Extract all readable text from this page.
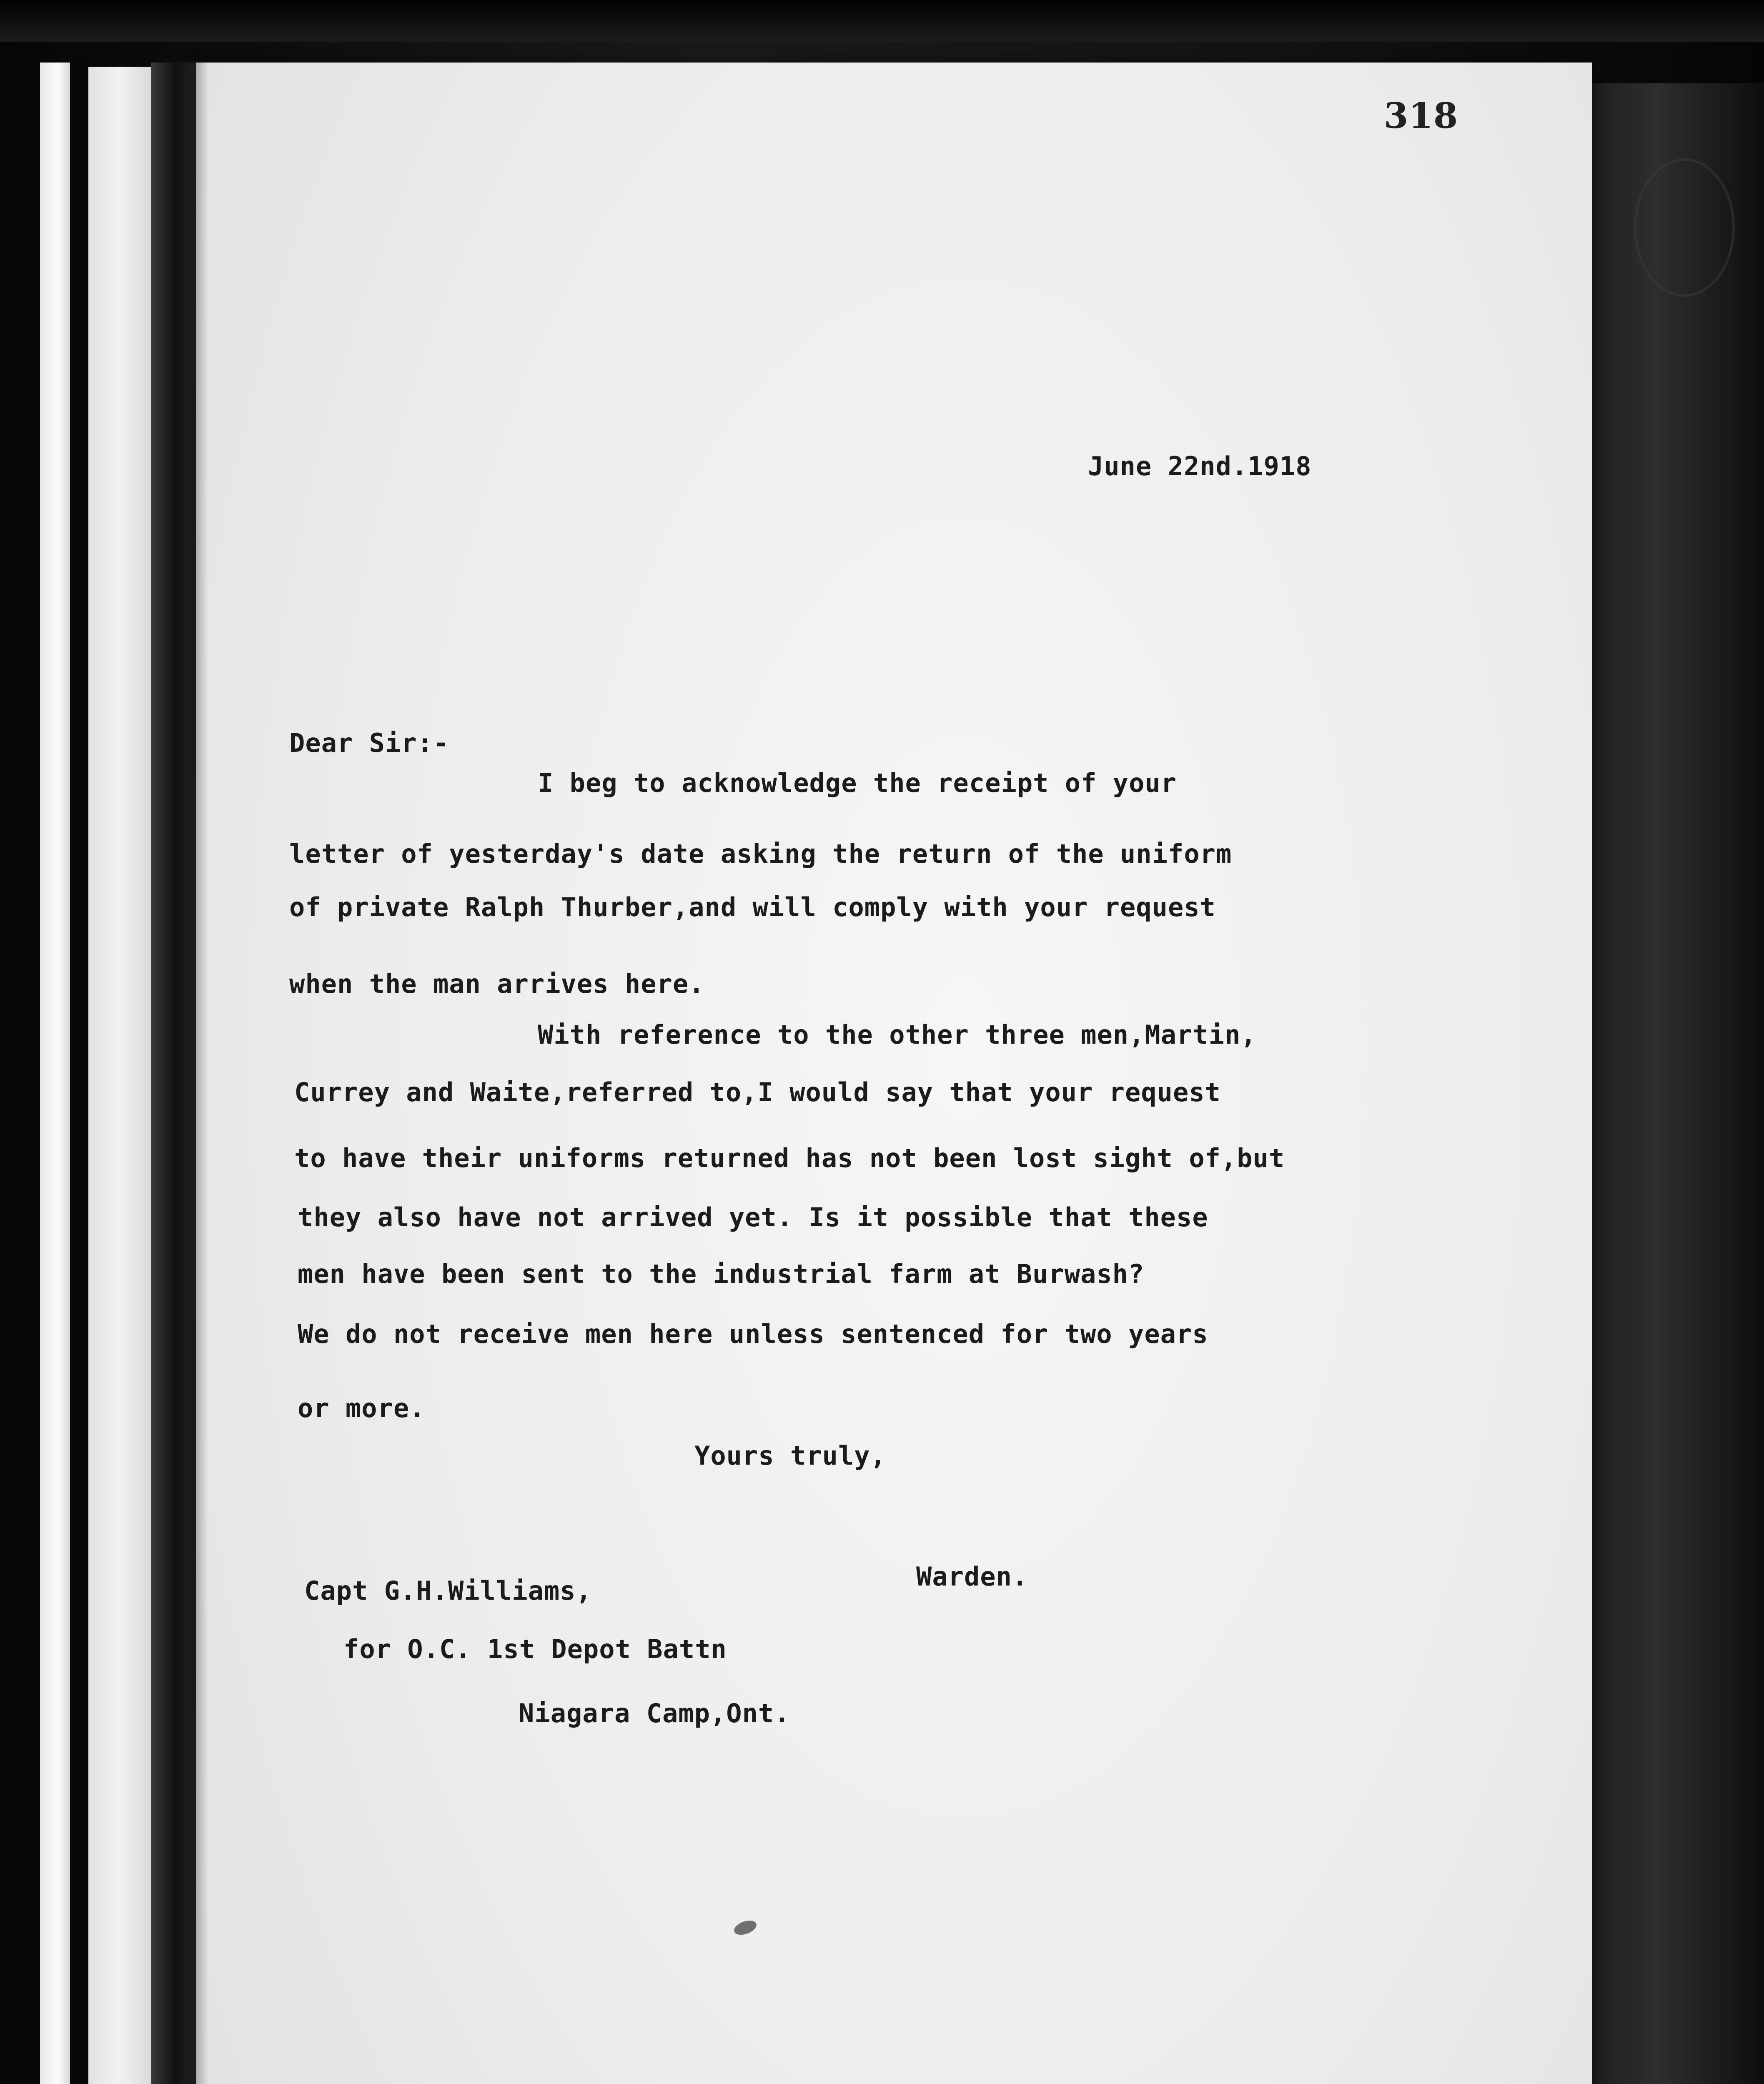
318
June 22nd.1918
Dear Sir:-
I beg to acknowledge the receipt of your
letter of yesterday's date asking the return of the uniform
of private Ralph Thurber,and will comply with your request
when the man arrives here.
With reference to the other three men,Martin,
Currey and Waite,referred to,I would say that your request
to have their uniforms returned has not been lost sight of,but
they also have not arrived yet. Is it possible that these
men have been sent to the industrial farm at Burwash?
We do not receive men here unless sentenced for two years
or more.
Yours truly,
Warden.
Capt G.H.Williams,
for O.C. 1st Depot Battn
Niagara Camp,Ont.
